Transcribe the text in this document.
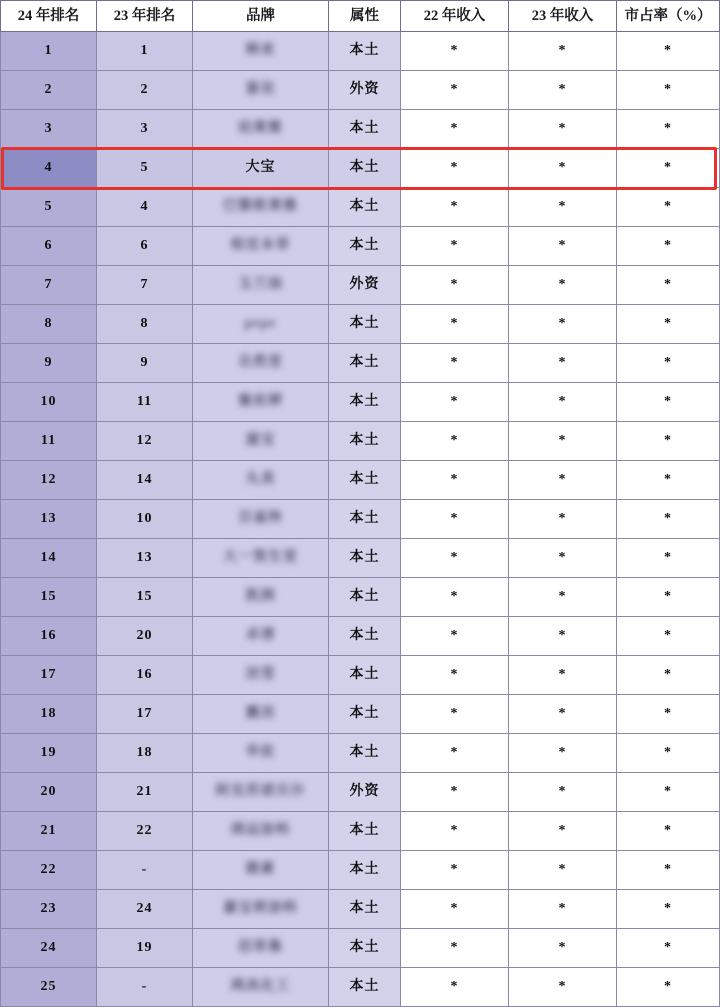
24 年排名	23 年排名	品牌	属性	22 年收入	23 年收入	市占率（%）
1	1	韩束	本土	*	*	*
2	2	富佳	外资	*	*	*
3	3	珀莱雅	本土	*	*	*
4	5	大宝	本土	*	*	*
5	4	巴黎欧莱雅	本土	*	*	*
6	6	相宜本草	本土	*	*	*
7	7	玉兰油	外资	*	*	*
8	8	рере	本土	*	*	*
9	9	自然堂	本土	*	*	*
10	11	蜜丝婷	本土	*	*	*
11	12	滋宝	本土	*	*	*
12	14	丸美	本土	*	*	*
13	10	百雀羚	本土	*	*	*
14	13	大一资生堂	本土	*	*	*
15	15	凯润	本土	*	*	*
16	20	卓清	本土	*	*	*
17	16	洁莹	本土	*	*	*
18	17	露洁	本土	*	*	*
19	18	华妆	本土	*	*	*
20	21	阿克苏诺贝尔	外资	*	*	*
21	22	鸿运涂料	本土	*	*	*
22	-	圆素	本土	*	*	*
23	24	嘉宝莉涂料	本土	*	*	*
24	19	佰草集	本土	*	*	*
25	-	鸿昌化工	本土	*	*	*
